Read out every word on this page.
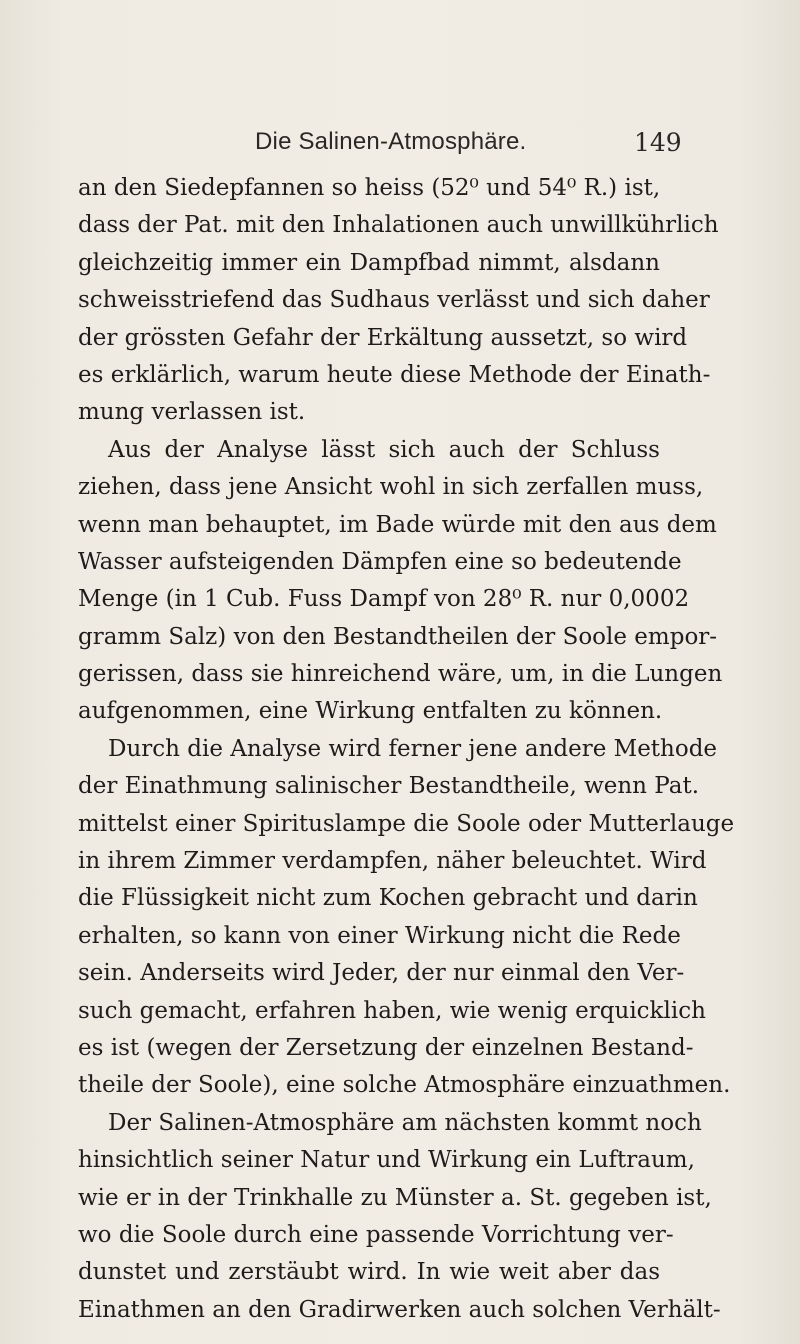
Die Salinen-Atmosphäre.	149
an den Siedepfannen so heiss (52⁰ und 54⁰ R.) ist,
dass der Pat. mit den Inhalationen auch unwillkührlich
gleichzeitig immer ein Dampfbad nimmt, alsdann
schweisstriefend das Sudhaus verlässt und sich daher
der grössten Gefahr der Erkältung aussetzt, so wird
es erklärlich, warum heute diese Methode der Einath-
mung verlassen ist.
Aus der Analyse lässt sich auch der Schluss
ziehen, dass jene Ansicht wohl in sich zerfallen muss,
wenn man behauptet, im Bade würde mit den aus dem
Wasser aufsteigenden Dämpfen eine so bedeutende
Menge (in 1 Cub. Fuss Dampf von 28⁰ R. nur 0,0002
gramm Salz) von den Bestandtheilen der Soole empor-
gerissen, dass sie hinreichend wäre, um, in die Lungen
aufgenommen, eine Wirkung entfalten zu können.
Durch die Analyse wird ferner jene andere Methode
der Einathmung salinischer Bestandtheile, wenn Pat.
mittelst einer Spirituslampe die Soole oder Mutterlauge
in ihrem Zimmer verdampfen, näher beleuchtet. Wird
die Flüssigkeit nicht zum Kochen gebracht und darin
erhalten, so kann von einer Wirkung nicht die Rede
sein. Anderseits wird Jeder, der nur einmal den Ver-
such gemacht, erfahren haben, wie wenig erquicklich
es ist (wegen der Zersetzung der einzelnen Bestand-
theile der Soole), eine solche Atmosphäre einzuathmen.
Der Salinen-Atmosphäre am nächsten kommt noch
hinsichtlich seiner Natur und Wirkung ein Luftraum,
wie er in der Trinkhalle zu Münster a. St. gegeben ist,
wo die Soole durch eine passende Vorrichtung ver-
dunstet und zerstäubt wird. In wie weit aber das
Einathmen an den Gradirwerken auch solchen Verhält-
